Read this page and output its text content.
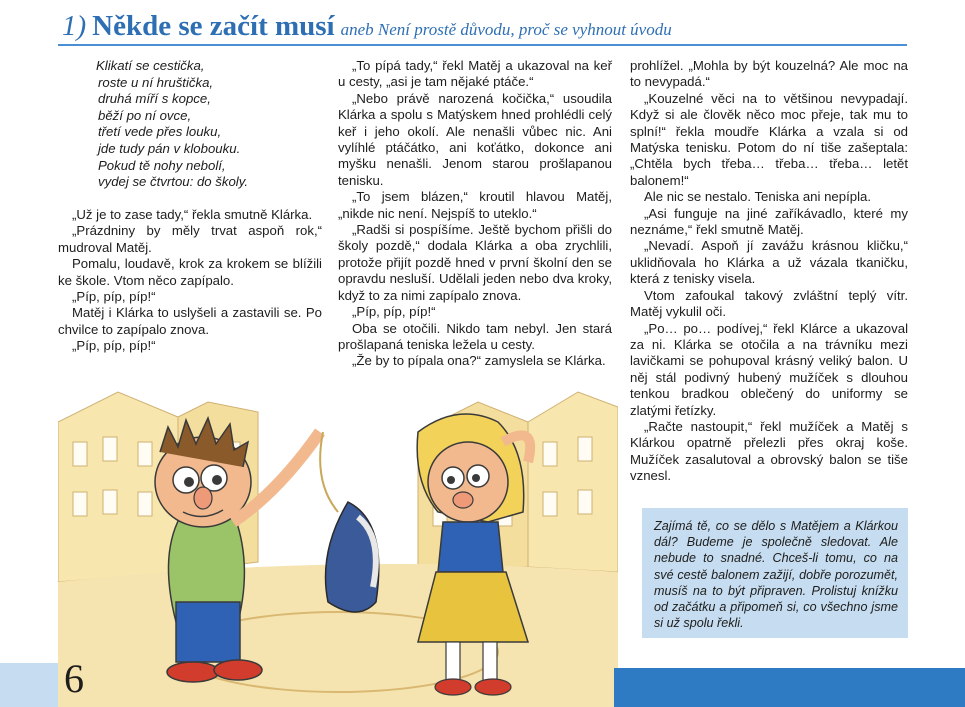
1) Někde se začít musí aneb Není prostě důvodu, proč se vyhnout úvodu
Klikatí se cestička,
roste u ní hruštička,
druhá míří s kopce,
běží po ní ovce,
třetí vede přes louku,
jde tudy pán v klobouku.
Pokud tě nohy nebolí,
vydej se čtvrtou: do školy.

„Už je to zase tady,“ řekla smutně Klárka.

„Prázdniny by měly trvat aspoň rok,“ mudroval Matěj.

Pomalu, loudavě, krok za krokem se blížili ke škole. Vtom něco zapípalo.

„Píp, píp, píp!“

Matěj i Klárka to uslyšeli a zastavili se. Po chvilce to zapípalo znova.

„Píp, píp, píp!“

„To pípá tady,“ řekl Matěj a ukazoval na keř u cesty, „asi je tam nějaké ptáče.“

„Nebo právě narozená kočička,“ usoudila Klárka a spolu s Matýskem hned prohlédli celý keř i jeho okolí. Ale nenašli vůbec nic. Ani vylíhlé ptáčátko, ani koťátko, dokonce ani myšku nenašli. Jenom starou prošlapanou tenisku.

„To jsem blázen,“ kroutil hlavou Matěj, „nikde nic není. Nejspíš to uteklo.“

„Radši si pospíšíme. Ještě bychom přišli do školy pozdě,“ dodala Klárka a oba zrychlili, protože přijít pozdě hned v první školní den se opravdu nesluší. Udělali jeden nebo dva kroky, když to za nimi zapípalo znova.

„Píp, píp, píp!“

Oba se otočili. Nikdo tam nebyl. Jen stará prošlapaná teniska ležela u cesty.

„Že by to pípala ona?“ zamyslela se Klárka.

prohlížel. „Mohla by být kouzelná? Ale moc na to nevypadá.“

„Kouzelné věci na to většinou nevypadají. Když si ale člověk něco moc přeje, tak mu to splní!“ řekla moudře Klárka a vzala si od Matýska tenisku. Potom do ní tiše zašeptala: „Chtěla bych třeba… třeba… třeba… letět balonem!“

Ale nic se nestalo. Teniska ani nepípla.

„Asi funguje na jiné zaříkávadlo, které my neznáme,“ řekl smutně Matěj.

„Nevadí. Aspoň jí zavážu krásnou kličku,“ uklidňovala ho Klárka a už vázala tkaničku, která z tenisky visela.

Vtom zafoukal takový zvláštní teplý vítr. Matěj vykulil oči.

„Po… po… podívej,“ řekl Klárce a ukazoval za ni. Klárka se otočila a na trávníku mezi lavičkami se pohupoval krásný veliký balon. U něj stál podivný hubený mužíček s dlouhou tenkou bradkou oblečený do uniformy se zlatými řetízky.

„Račte nastoupit,“ řekl mužíček a Matěj s Klárkou opatrně přelezli přes okraj koše. Mužíček zasalutoval a obrovský balon se tiše vznesl.

Zajímá tě, co se dělo s Matějem a Klárkou dál? Budeme je společně sledovat. Ale nebude to snadné. Chceš-li tomu, co na své cestě balonem zažijí, dobře porozumět, musíš na to být připraven. Prolistuj knížku od začátku a připomeň si, co všechno jsme si už spolu řekli.
6
